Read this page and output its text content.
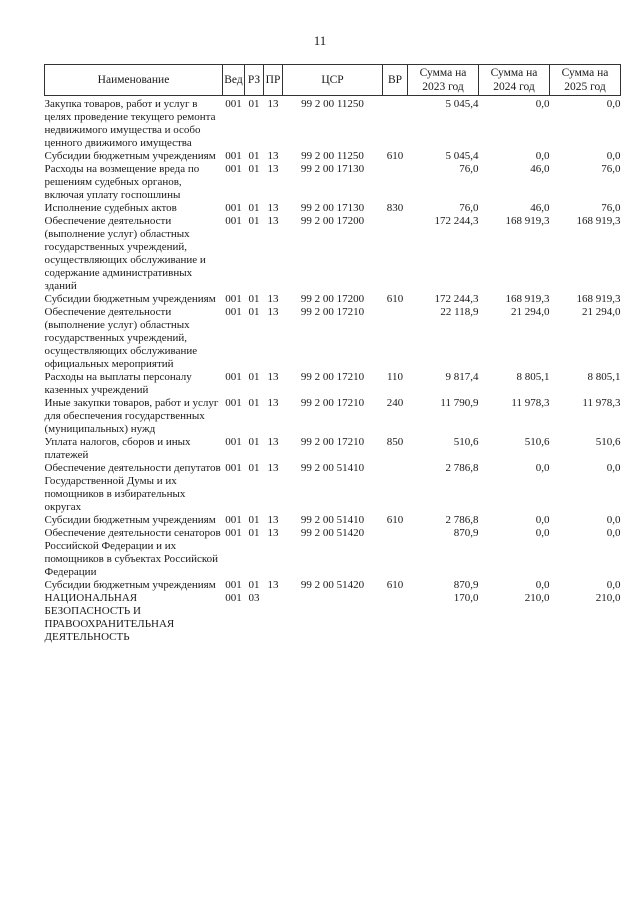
11
Наименование	Вед	РЗ	ПР	ЦСР	ВР	Сумма на 2023 год	Сумма на 2024 год	Сумма на 2025 год
Закупка товаров, работ и услуг в целях проведение текущего ремонта недвижимого имущества и особо ценного движимого имущества	001	01	13	99 2 00 11250		5 045,4	0,0	0,0
Субсидии бюджетным учреждениям	001	01	13	99 2 00 11250	610	5 045,4	0,0	0,0
Расходы на возмещение вреда по решениям судебных органов, включая уплату госпошлины	001	01	13	99 2 00 17130		76,0	46,0	76,0
Исполнение судебных актов	001	01	13	99 2 00 17130	830	76,0	46,0	76,0
Обеспечение деятельности (выполнение услуг) областных государственных учреждений, осуществляющих обслуживание и содержание административных зданий	001	01	13	99 2 00 17200		172 244,3	168 919,3	168 919,3
Субсидии бюджетным учреждениям	001	01	13	99 2 00 17200	610	172 244,3	168 919,3	168 919,3
Обеспечение деятельности (выполнение услуг) областных государственных учреждений, осуществляющих обслуживание официальных мероприятий	001	01	13	99 2 00 17210		22 118,9	21 294,0	21 294,0
Расходы на выплаты персоналу казенных учреждений	001	01	13	99 2 00 17210	110	9 817,4	8 805,1	8 805,1
Иные закупки товаров, работ и услуг для обеспечения государственных (муниципальных) нужд	001	01	13	99 2 00 17210	240	11 790,9	11 978,3	11 978,3
Уплата налогов, сборов и иных платежей	001	01	13	99 2 00 17210	850	510,6	510,6	510,6
Обеспечение деятельности депутатов Государственной Думы и их помощников в избирательных округах	001	01	13	99 2 00 51410		2 786,8	0,0	0,0
Субсидии бюджетным учреждениям	001	01	13	99 2 00 51410	610	2 786,8	0,0	0,0
Обеспечение деятельности сенаторов Российской Федерации и их помощников в субъектах Российской Федерации	001	01	13	99 2 00 51420		870,9	0,0	0,0
Субсидии бюджетным учреждениям	001	01	13	99 2 00 51420	610	870,9	0,0	0,0
НАЦИОНАЛЬНАЯ БЕЗОПАСНОСТЬ И ПРАВООХРАНИТЕЛЬНАЯ ДЕЯТЕЛЬНОСТЬ	001	03				170,0	210,0	210,0
